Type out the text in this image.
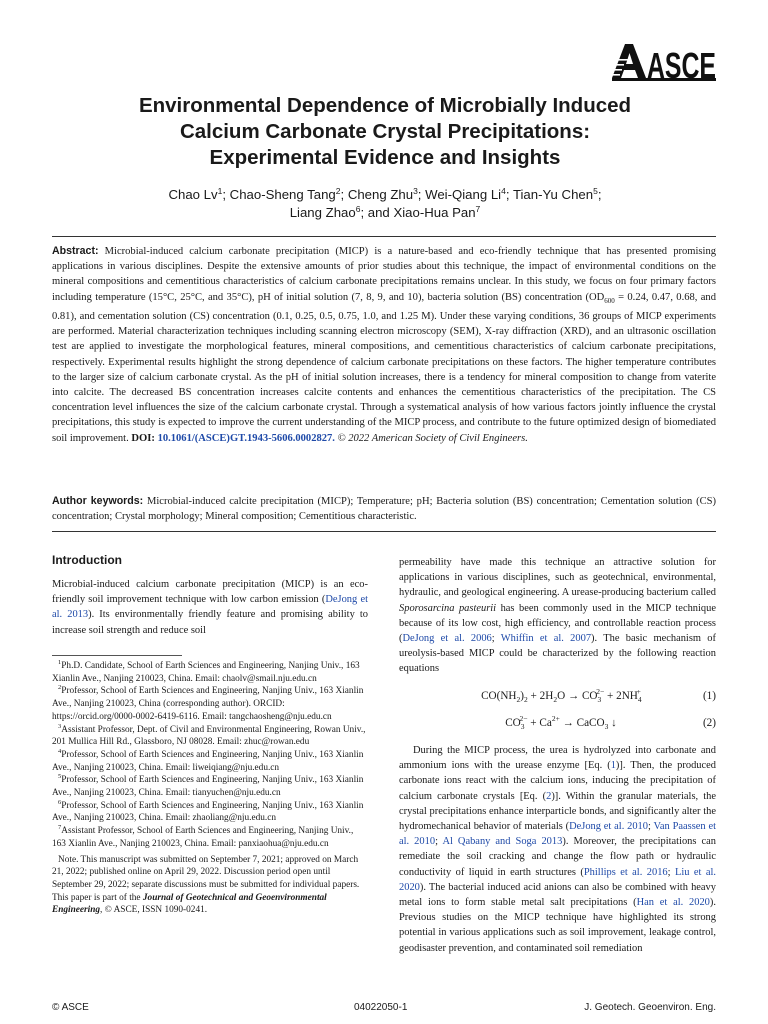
ASCE
Environmental Dependence of Microbially Induced
Calcium Carbonate Crystal Precipitations:
Experimental Evidence and Insights
Chao Lv$^1$; Chao-Sheng Tang$^2$; Cheng Zhu$^3$; Wei-Qiang Li$^4$; Tian-Yu Chen$^5$;
Liang Zhao$^6$; and Xiao-Hua Pan$^7$
Abstract: Microbial-induced calcium carbonate precipitation (MICP) is a nature-based and eco-friendly technique that has presented promising applications in various disciplines. Despite the extensive amounts of prior studies about this technique, the impact of environmental conditions on the mineral compositions and cementitious characteristics of calcium carbonate precipitations remains unclear. In this study, we focus on four primary factors including temperature (15°C, 25°C, and 35°C), pH of initial solution (7, 8, 9, and 10), bacteria solution (BS) concentration ($OD_{600} = 0.24$, 0.47, 0.68, and 0.81), and cementation solution (CS) concentration (0.1, 0.25, 0.5, 0.75, 1.0, and 1.25 M). Under these varying conditions, 36 groups of MICP experiments are performed. Material characterization techniques including scanning electron microscopy (SEM), X-ray diffraction (XRD), and an ultrasonic oscillation test are applied to investigate the morphological features, mineral compositions, and cementitious characteristics of calcium carbonate precipitations, respectively. Experimental results highlight the strong dependence of calcium carbonate precipitations on these factors. The higher temperature contributes to the larger size of calcium carbonate crystal. As the pH of initial solution increases, there is a tendency for mineral composition to change from vaterite into calcite. The decreased BS concentration increases calcite contents and enhances the cementitious characteristics of the precipitation. The CS concentration level influences the size of the calcium carbonate crystal. Through a systematical analysis of how various factors jointly influence the crystal precipitations, this study is expected to improve the current understanding of the MICP process, and contribute to the future optimized design of biomediated soil improvement. DOI: 10.1061/(ASCE)GT.1943-5606.0002827. © 2022 American Society of Civil Engineers.
Author keywords: Microbial-induced calcite precipitation (MICP); Temperature; pH; Bacteria solution (BS) concentration; Cementation solution (CS) concentration; Crystal morphology; Mineral composition; Cementitious characteristic.
Introduction

Microbial-induced calcium carbonate precipitation (MICP) is an eco-friendly soil improvement technique with low carbon emission (DeJong et al. 2013). Its environmentally friendly feature and promising ability to increase soil strength and reduce soil

$^1$Ph.D. Candidate, School of Earth Sciences and Engineering, Nanjing Univ., 163 Xianlin Ave., Nanjing 210023, China. Email: chaolv@smail.nju.edu.cn

$^2$Professor, School of Earth Sciences and Engineering, Nanjing Univ., 163 Xianlin Ave., Nanjing 210023, China (corresponding author). ORCID: https://orcid.org/0000-0002-6419-6116. Email: tangchaosheng@nju.edu.cn

$^3$Assistant Professor, Dept. of Civil and Environmental Engineering, Rowan Univ., 201 Mullica Hill Rd., Glassboro, NJ 08028. Email: zhuc@rowan.edu

$^4$Professor, School of Earth Sciences and Engineering, Nanjing Univ., 163 Xianlin Ave., Nanjing 210023, China. Email: liweiqiang@nju.edu.cn

$^5$Professor, School of Earth Sciences and Engineering, Nanjing Univ., 163 Xianlin Ave., Nanjing 210023, China. Email: tianyuchen@nju.edu.cn

$^6$Professor, School of Earth Sciences and Engineering, Nanjing Univ., 163 Xianlin Ave., Nanjing 210023, China. Email: zhaoliang@nju.edu.cn

$^7$Assistant Professor, School of Earth Sciences and Engineering, Nanjing Univ., 163 Xianlin Ave., Nanjing 210023, China. Email: panxiaohua@nju.edu.cn

Note. This manuscript was submitted on September 7, 2021; approved on March 21, 2022; published online on April 29, 2022. Discussion period open until September 29, 2022; separate discussions must be submitted for individual papers. This paper is part of the Journal of Geotechnical and Geoenvironmental Engineering, © ASCE, ISSN 1090-0241.

permeability have made this technique an attractive solution for applications in various disciplines, such as geotechnical, environmental, hydraulic, and geological engineering. A urease-producing bacterium called Sporosarcina pasteurii has been commonly used in the MICP technique because of its low cost, high efficiency, and controllable reaction process (DeJong et al. 2006; Whiffin et al. 2007). The basic mechanism of ureolysis-based MICP could be characterized by the following reaction equations

$CO(NH_2)_2 + 2H_2O \to CO_3^{2-} + 2NH_4^+$	(1)
$CO_3^{2-} + Ca^{2+}$ → CaCO$_3$ ↓	(2)

During the MICP process, the urea is hydrolyzed into carbonate and ammonium ions with the urease enzyme [Eq. (1)]. Then, the produced carbonate ions react with the calcium ions, inducing the precipitation of calcium carbonate crystals [Eq. (2)]. Within the granular materials, the crystal precipitations enhance interparticle bonds, and significantly alter the hydromechanical behavior of materials (DeJong et al. 2010; Van Paassen et al. 2010; Al Qabany and Soga 2013). Moreover, the precipitations can remediate the soil cracking and change the flow path or hydraulic conductivity of liquid in earth structures (Phillips et al. 2016; Liu et al. 2020). The bacterial induced acid anions can also be combined with heavy metal ions to form stable metal salt precipitations (Han et al. 2020). Previous studies on the MICP technique have highlighted its strong potential in various applications such as soil improvement, leakage control, geodisaster prevention, and contaminated soil remediation

© ASCE	04022050-1	J. Geotech. Geoenviron. Eng.
